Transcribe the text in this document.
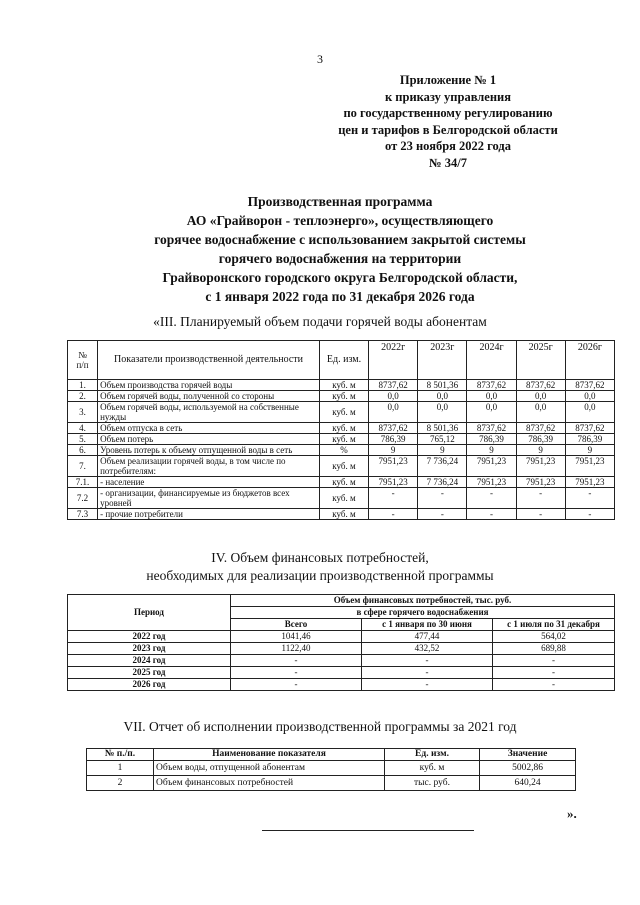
3
Приложение № 1
к приказу управления
по государственному регулированию
цен и тарифов в Белгородской области
от 23 ноября 2022 года
№ 34/7
Производственная программа
АО «Грайворон - теплоэнерго», осуществляющего
горячее водоснабжение с использованием закрытой системы
горячего водоснабжения на территории
Грайворонского городского округа Белгородской области,
с 1 января 2022 года по 31 декабря 2026 года
«III. Планируемый объем подачи горячей воды абонентам
№
п/п	Показатели производственной деятельности	Ед. изм.	2022г	2023г	2024г	2025г	2026г
1.	Объем производства горячей воды	куб. м	8737,62	8 501,36	8737,62	8737,62	8737,62
2.	Объем горячей воды, полученной со стороны	куб. м	0,0	0,0	0,0	0,0	0,0
3.	Объем горячей воды, используемой на собственные нужды	куб. м	0,0	0,0	0,0	0,0	0,0
4.	Объем отпуска в сеть	куб. м	8737,62	8 501,36	8737,62	8737,62	8737,62
5.	Объем потерь	куб. м	786,39	765,12	786,39	786,39	786,39
6.	Уровень потерь к объему отпущенной воды в сеть	%	9	9	9	9	9
7.	Объем реализации горячей воды, в том числе по потребителям:	куб. м	7951,23	7 736,24	7951,23	7951,23	7951,23
7.1.	- население	куб. м	7951,23	7 736,24	7951,23	7951,23	7951,23
7.2	- организации, финансируемые из бюджетов всех уровней	куб. м	-	-	-	-	-
7.3	- прочие потребители	куб. м	-	-	-	-	-
IV. Объем финансовых потребностей,
необходимых для реализации производственной программы
Период	Объем финансовых потребностей, тыс. руб.		
	в сфере горячего водоснабжения		
	Всего	с 1 января по 30 июня	с 1 июля по 31 декабря
2022 год	1041,46	477,44	564,02
2023 год	1122,40	432,52	689,88
2024 год	-	-	-
2025 год	-	-	-
2026 год	-	-	-
VII. Отчет об исполнении производственной программы за 2021 год
№ п./п.	Наименование показателя	Ед. изм.	Значение
1	Объем воды, отпущенной абонентам	куб. м	5002,86
2	Объем финансовых потребностей	тыс. руб.	640,24
».
